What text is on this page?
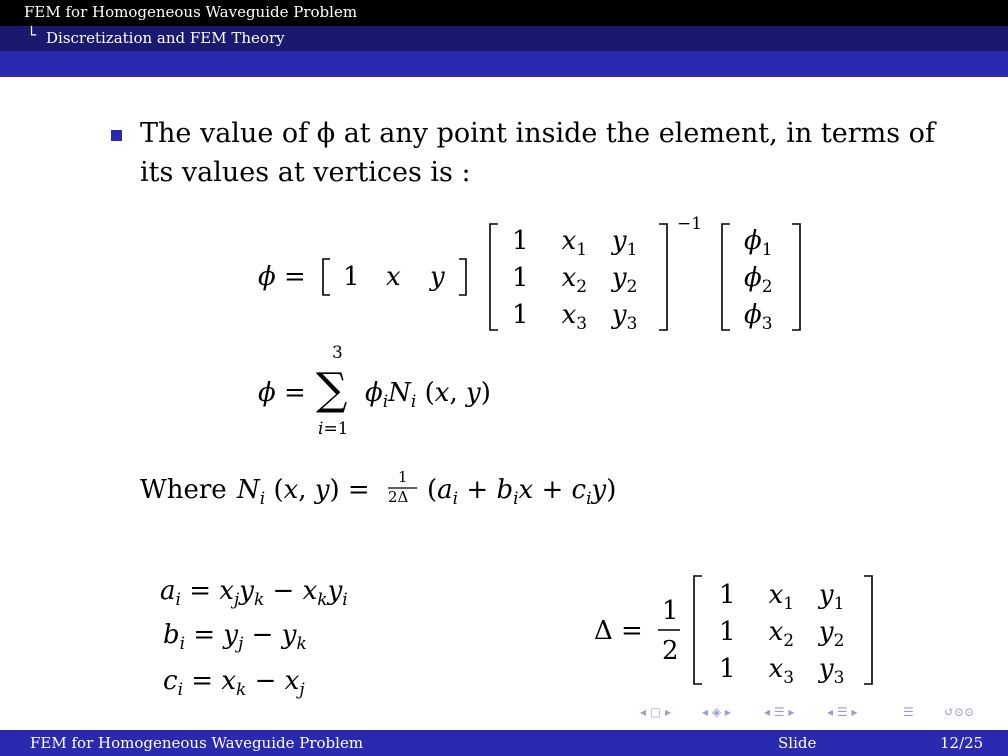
FEM for Homogeneous Waveguide Problem
└ Discretization and FEM Theory
The value of ϕ at any point inside the element, in terms of its values at vertices is :
ϕ = 1 x y
1    $x_1$ $y_1$
1    $x_2$ $y_2$
1    $x_3$ $y_3$
−1
$\phi_1$
$\phi_2$
$\phi_3$
ϕ =
3
∑
i=1
$\phi_iN_i$ (x, y)
Where $N_i$ (x, y) = 1
2Δ $(a_i + b_ix + c_iy)$
$a_i = x_jy_k - x_ky_i$
$b_i = y_j - y_k$
$c_i = x_k - x_j$
Δ =
1
2
1    $x_1$ $y_1$
1    $x_2$ $y_2$
1    $x_3$ $y_3$
◂ ▢ ▸	◂ ◈ ▸	◂ ☰ ▸	◂ ☰ ▸	☰	↺⊙⊙
FEM for Homogeneous Waveguide Problem	Slide	12/25
